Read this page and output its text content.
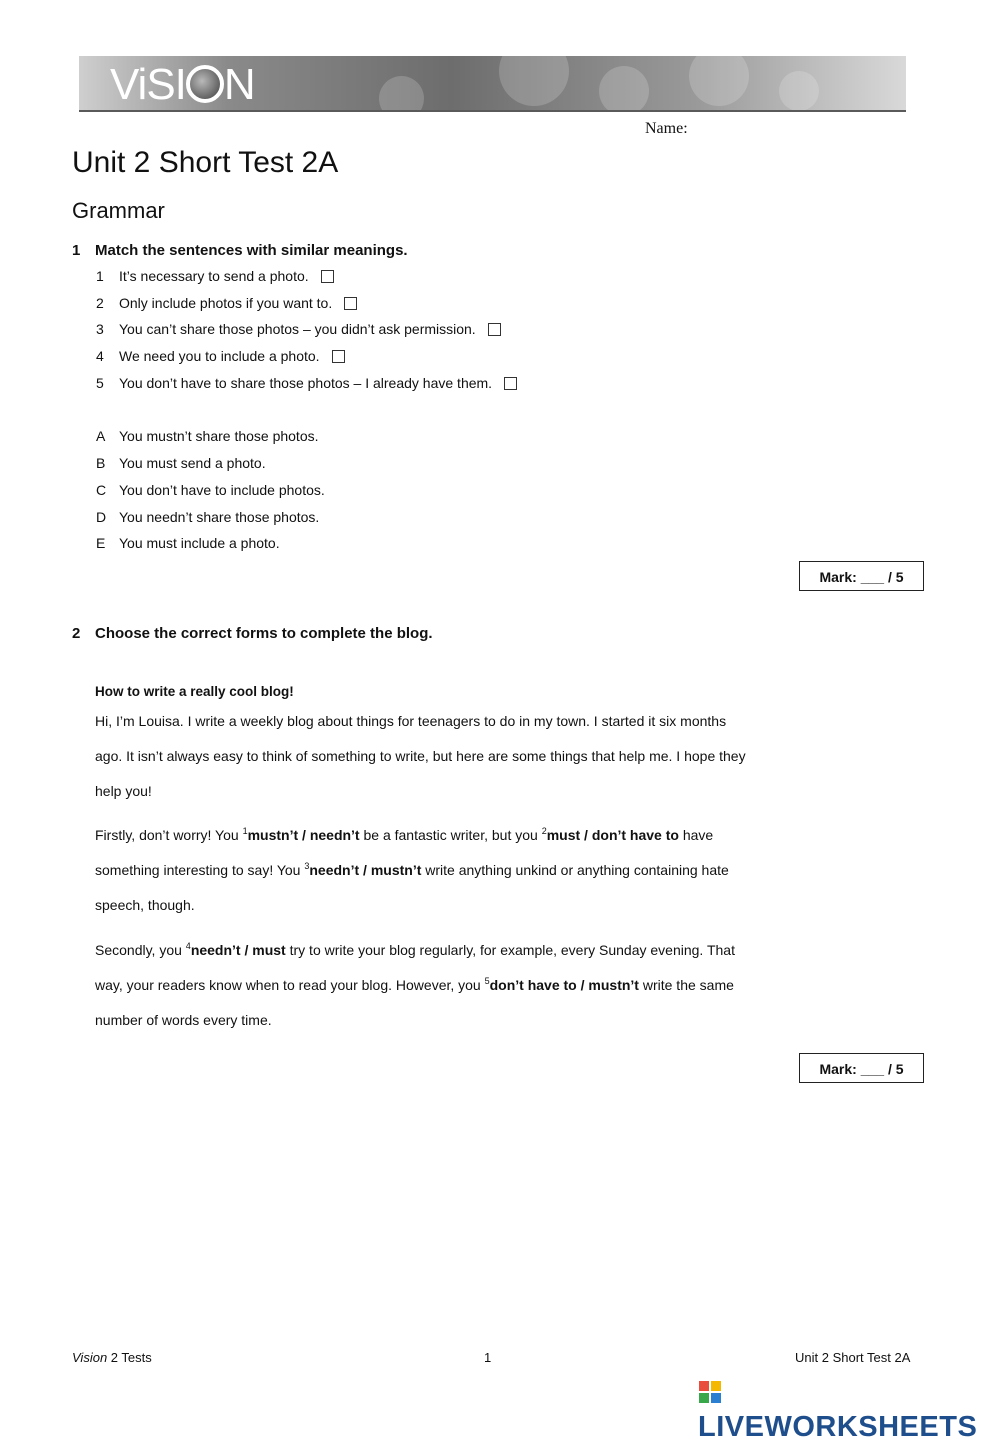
ViSI N
Name:
Unit 2 Short Test 2A
Grammar
1 Match the sentences with similar meanings.
1 It’s necessary to send a photo.
2 Only include photos if you want to.
3 You can’t share those photos – you didn’t ask permission.
4 We need you to include a photo.
5 You don’t have to share those photos – I already have them.
A You mustn’t share those photos.
B You must send a photo.
C You don’t have to include photos.
D You needn’t share those photos.
E You must include a photo.
Mark: ___ / 5
2 Choose the correct forms to complete the blog.
How to write a really cool blog!
Hi, I’m Louisa. I write a weekly blog about things for teenagers to do in my town. I started it six months ago. It isn’t always easy to think of something to write, but here are some things that help me. I hope they help you!
Firstly, don’t worry! You $^1$mustn’t / needn’t be a fantastic writer, but you $^2$must / don’t have to have something interesting to say! You $^3$needn’t / mustn’t write anything unkind or anything containing hate speech, though.
Secondly, you $^4$needn’t / must try to write your blog regularly, for example, every Sunday evening. That way, your readers know when to read your blog. However, you $^5$don’t have to / mustn’t write the same number of words every time.
Mark: ___ / 5
Vision 2 Tests	1	Unit 2 Short Test 2A
LIVEWORKSHEETS
